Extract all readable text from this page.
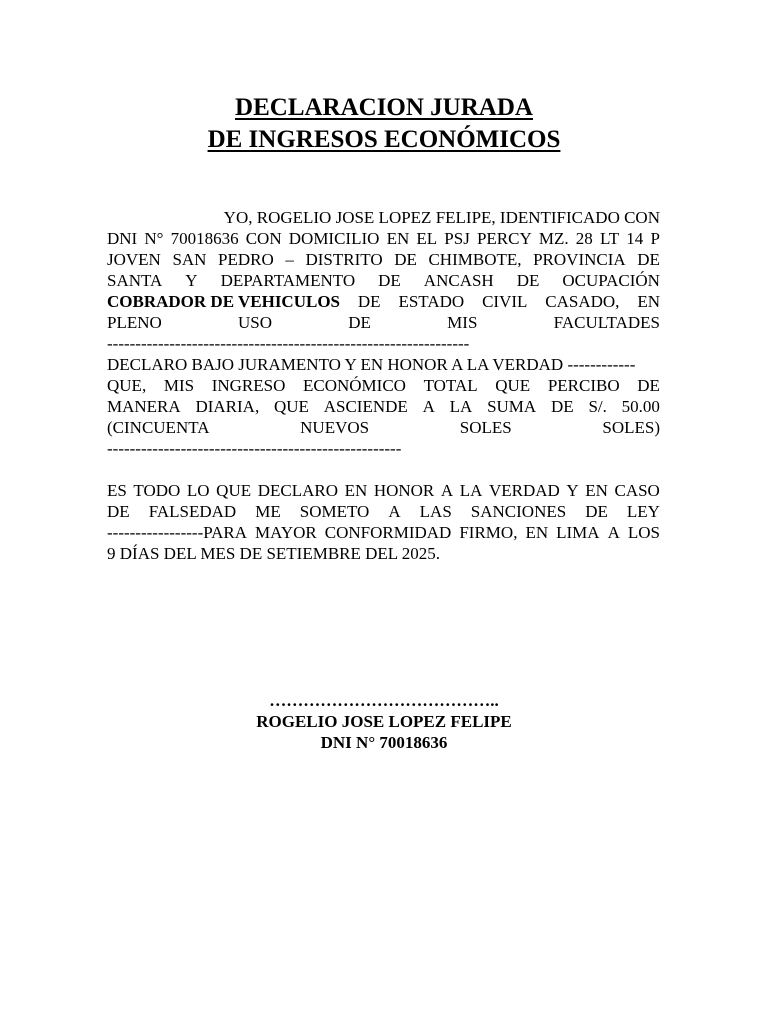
DECLARACION JURADA
DE INGRESOS ECONÓMICOS
YO, ROGELIO JOSE LOPEZ FELIPE, IDENTIFICADO CON
DNI N° 70018636 CON DOMICILIO EN EL PSJ PERCY MZ. 28 LT 14 P
JOVEN SAN PEDRO – DISTRITO DE CHIMBOTE, PROVINCIA DE
SANTA Y DEPARTAMENTO DE ANCASH DE OCUPACIÓN
COBRADOR DE VEHICULOS DE ESTADO CIVIL CASADO, EN
PLENO	USO	DE	MIS	FACULTADES
----------------------------------------------------------------
DECLARO BAJO JURAMENTO Y EN HONOR A LA VERDAD ------------
QUE, MIS INGRESO ECONÓMICO TOTAL QUE PERCIBO DE
MANERA DIARIA, QUE ASCIENDE A LA SUMA DE S/. 50.00
(CINCUENTA	NUEVOS	SOLES	SOLES)
----------------------------------------------------
ES TODO LO QUE DECLARO EN HONOR A LA VERDAD Y EN CASO
DE FALSEDAD ME SOMETO A LAS SANCIONES DE LEY
-----------------PARA MAYOR CONFORMIDAD FIRMO, EN LIMA A LOS
9 DÍAS DEL MES DE SETIEMBRE DEL 2025.
…………………………………..
ROGELIO JOSE LOPEZ FELIPE
DNI N° 70018636
